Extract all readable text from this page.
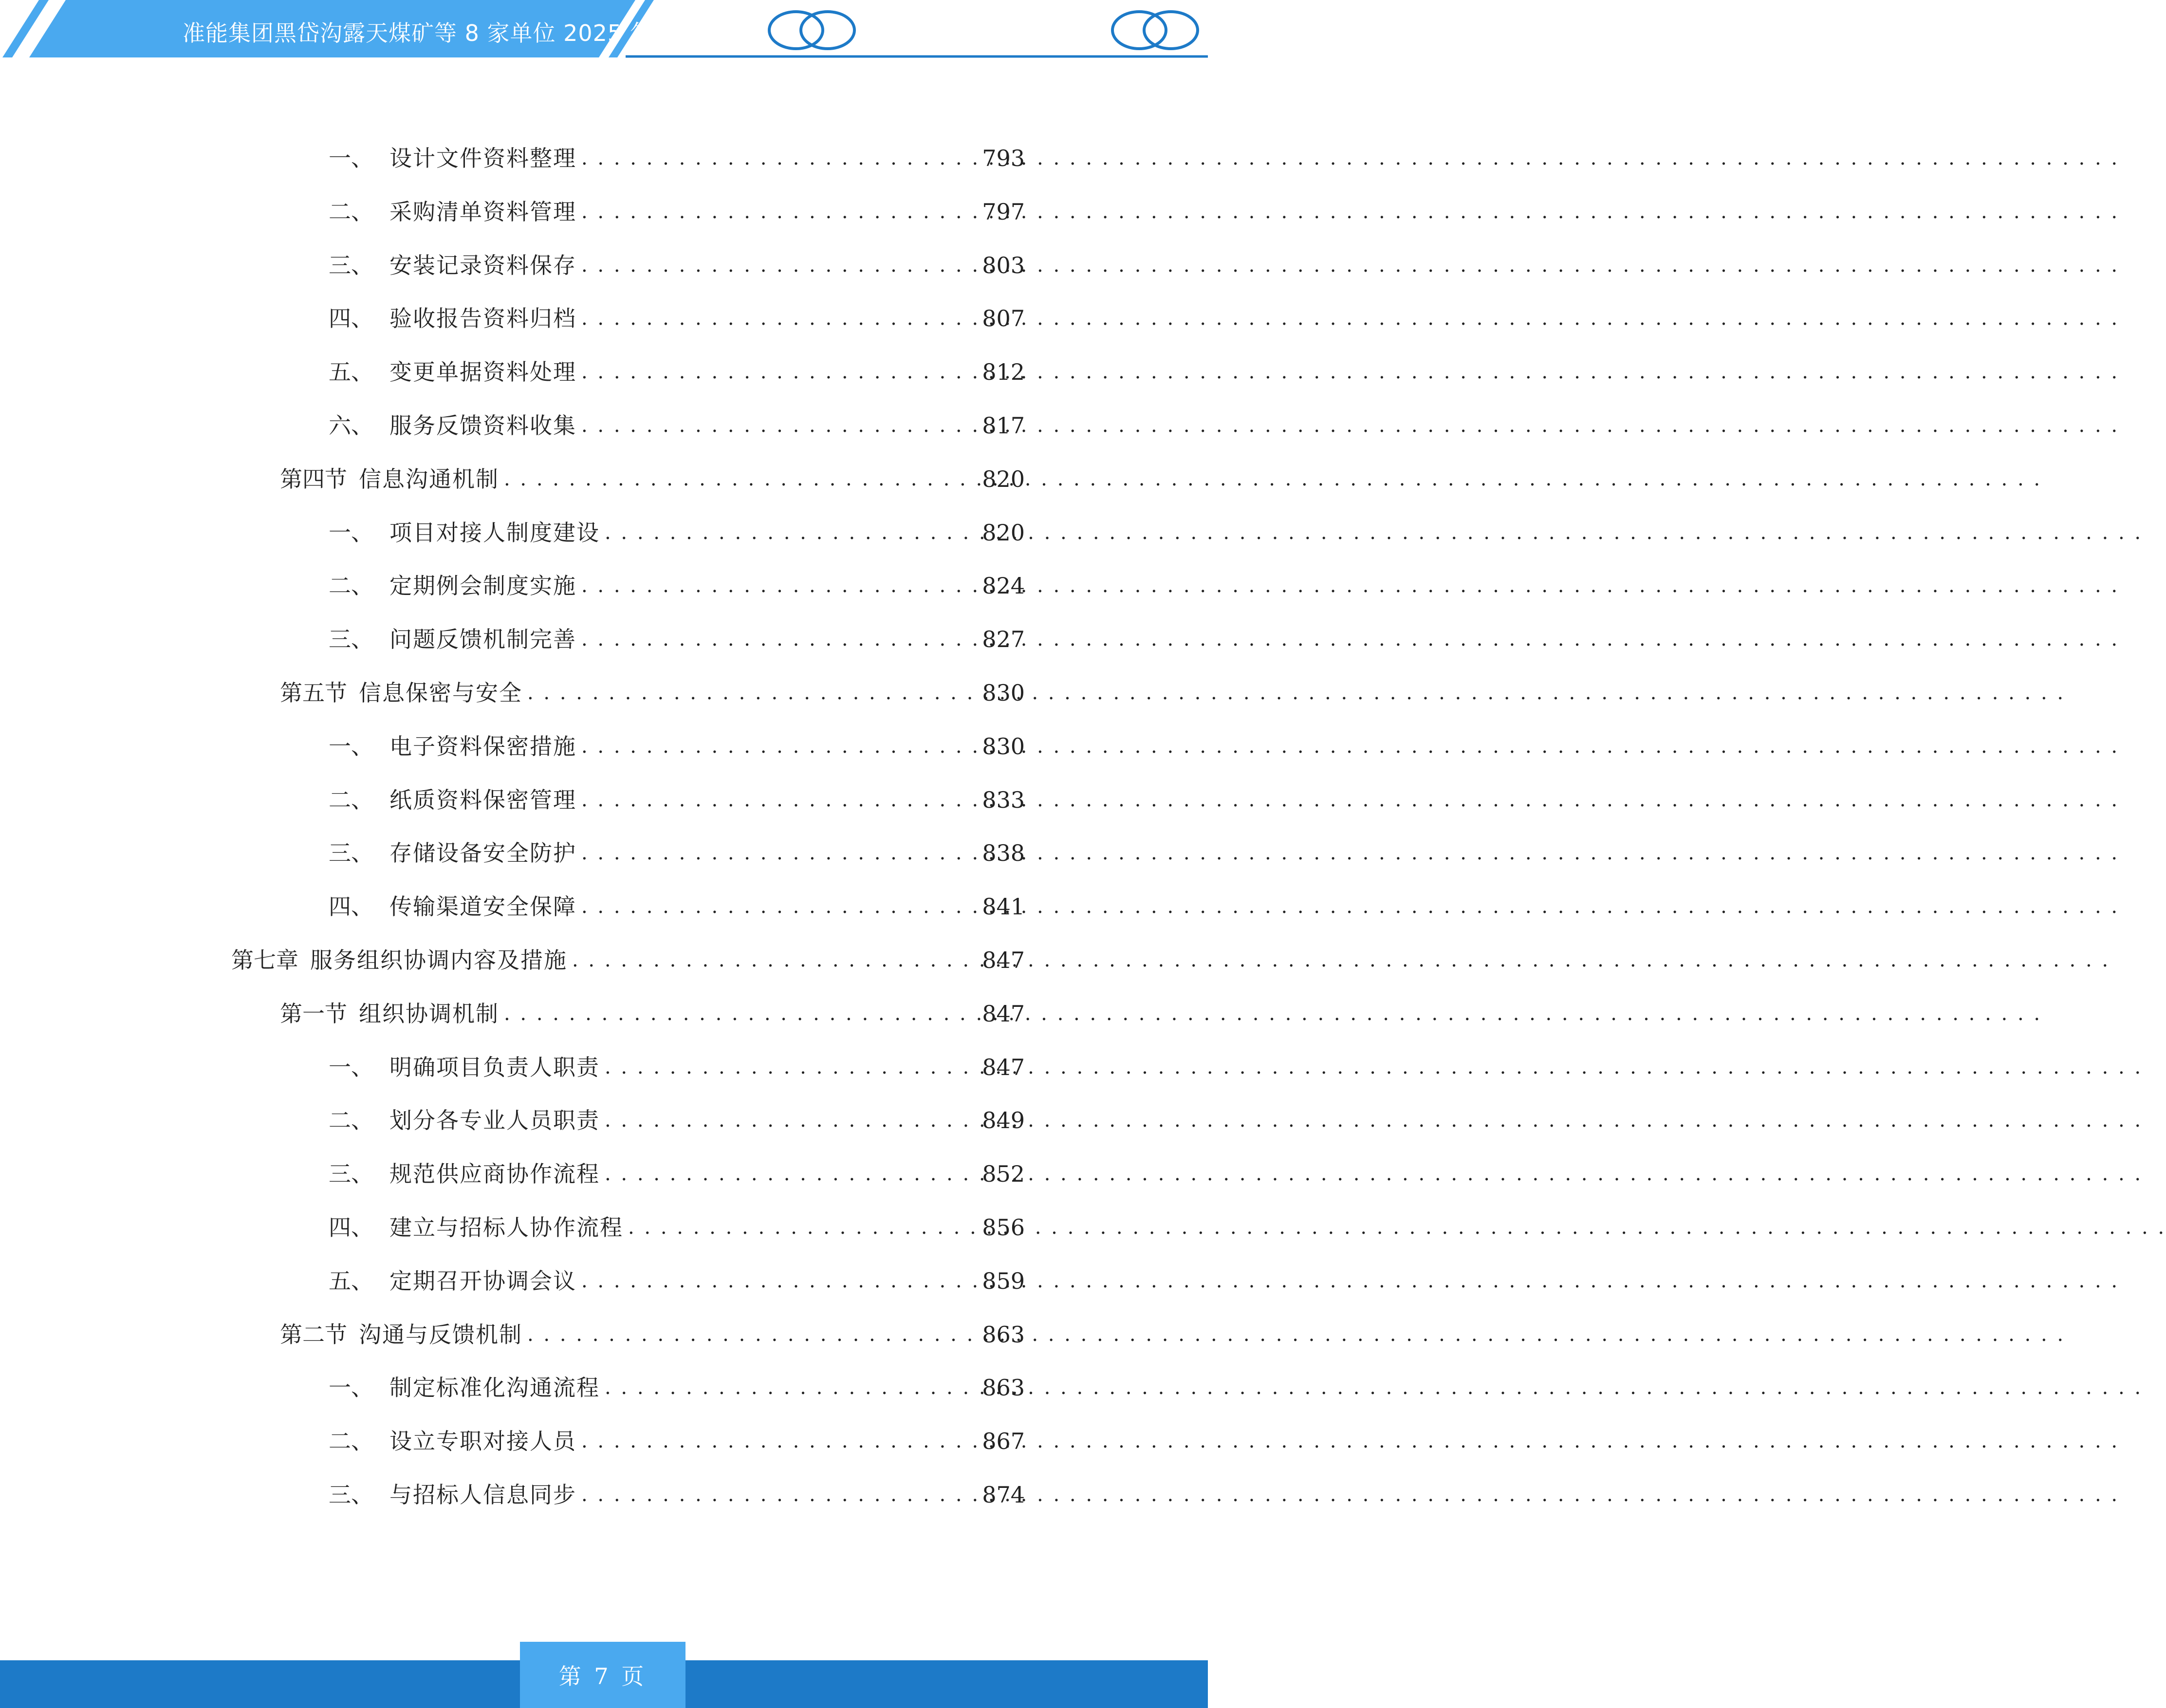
准能集团黑岱沟露天煤矿等 8 家单位 2025 年度…
一、 设计文件资料整理 . . .	793
二、 采购清单资料管理 . . .	797
三、 安装记录资料保存 . . .	803
四、 验收报告资料归档 . . .	807
五、 变更单据资料处理 . . .	812
六、 服务反馈资料收集 . . .	817
第四节 信息沟通机制 . . .	820
一、 项目对接人制度建设 . . .	820
二、 定期例会制度实施 . . .	824
三、 问题反馈机制完善 . . .	827
第五节 信息保密与安全 . . .	830
一、 电子资料保密措施 . . .	830
二、 纸质资料保密管理 . . .	833
三、 存储设备安全防护 . . .	838
四、 传输渠道安全保障 . . .	841
第七章 服务组织协调内容及措施 . . .	847
第一节 组织协调机制 . . .	847
一、 明确项目负责人职责 . . .	847
二、 划分各专业人员职责 . . .	849
三、 规范供应商协作流程 . . .	852
四、 建立与招标人协作流程 . . .	856
五、 定期召开协调会议 . . .	859
第二节 沟通与反馈机制 . . .	863
一、 制定标准化沟通流程 . . .	863
二、 设立专职对接人员 . . .	867
三、 与招标人信息同步 . . .	874
第 7 页
